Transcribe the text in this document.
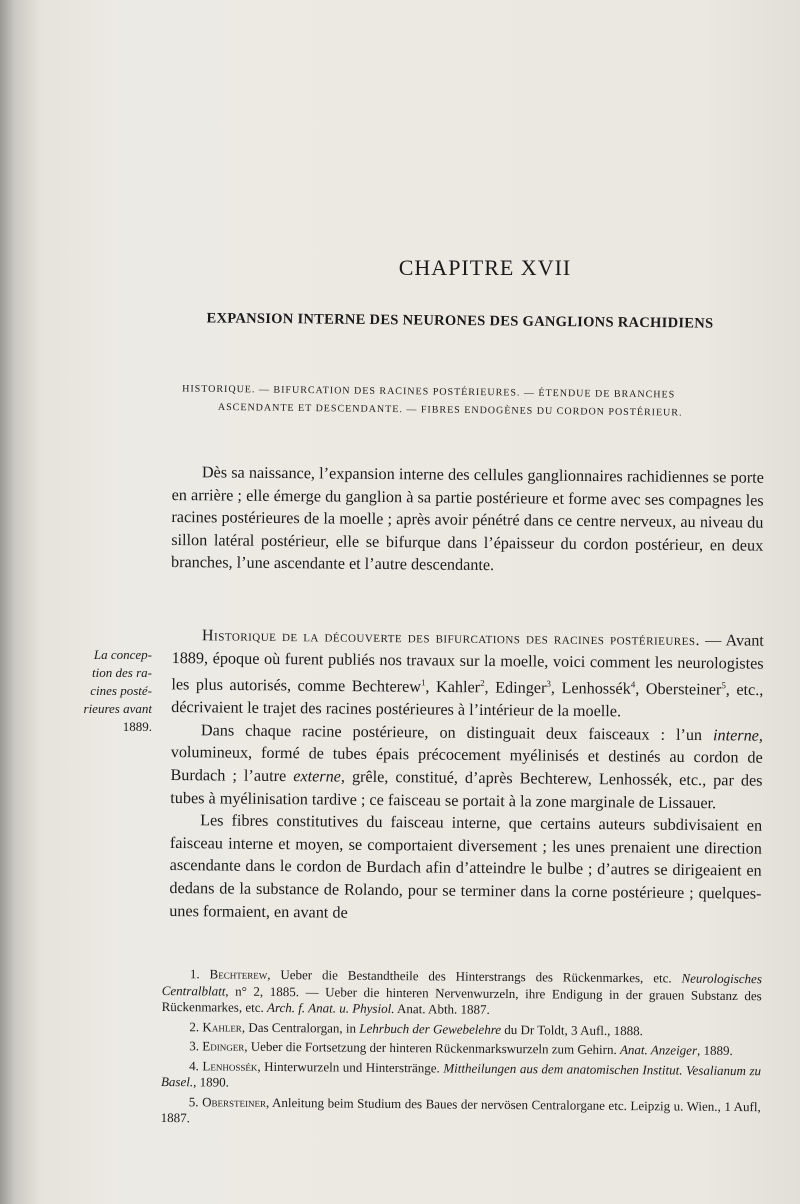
CHAPITRE XVII
EXPANSION INTERNE DES NEURONES DES GANGLIONS RACHIDIENS
HISTORIQUE. — BIFURCATION DES RACINES POSTÉRIEURES. — ÉTENDUE DE BRANCHES
ASCENDANTE ET DESCENDANTE. — FIBRES ENDOGÈNES DU CORDON POSTÉRIEUR.

Dès sa naissance, l’expansion interne des cellules ganglionnaires rachidiennes se porte en arrière ; elle émerge du ganglion à sa partie postérieure et forme avec ses compagnes les racines postérieures de la moelle ; après avoir pénétré dans ce centre nerveux, au niveau du sillon latéral postérieur, elle se bifurque dans l’épaisseur du cordon postérieur, en deux branches, l’une ascendante et l’autre descendante.

La concep-
tion des ra-
cines posté-
rieures avant
1889.

Historique de la découverte des bifurcations des racines postérieures. — Avant 1889, époque où furent publiés nos travaux sur la moelle, voici comment les neurologistes les plus autorisés, comme Bechterew$^1$, Kahler$^2$, Edinger$^3$, Lenhossék$^4$, Obersteiner$^5$, etc., décrivaient le trajet des racines postérieures à l’intérieur de la moelle.

Dans chaque racine postérieure, on distinguait deux faisceaux : l’un interne, volumineux, formé de tubes épais précocement myélinisés et destinés au cordon de Burdach ; l’autre externe, grêle, constitué, d’après Bechterew, Lenhossék, etc., par des tubes à myélinisation tardive ; ce faisceau se portait à la zone marginale de Lissauer.

Les fibres constitutives du faisceau interne, que certains auteurs subdivisaient en faisceau interne et moyen, se comportaient diversement ; les unes prenaient une direction ascendante dans le cordon de Burdach afin d’atteindre le bulbe ; d’autres se dirigeaient en dedans de la substance de Rolando, pour se terminer dans la corne postérieure ; quelques-unes formaient, en avant de

1. Bechterew, Ueber die Bestandtheile des Hinterstrangs des Rückenmarkes, etc. Neurologisches Centralblatt, n° 2, 1885. — Ueber die hinteren Nervenwurzeln, ihre Endigung in der grauen Substanz des Rückenmarkes, etc. Arch. f. Anat. u. Physiol. Anat. Abth. 1887.

2. Kahler, Das Centralorgan, in Lehrbuch der Gewebelehre du Dr Toldt, 3 Aufl., 1888.

3. Edinger, Ueber die Fortsetzung der hinteren Rückenmarkswurzeln zum Gehirn. Anat. Anzeiger, 1889.

4. Lenhossék, Hinterwurzeln und Hinterstränge. Mittheilungen aus dem anatomischen Institut. Vesalianum zu Basel., 1890.

5. Obersteiner, Anleitung beim Studium des Baues der nervösen Centralorgane etc. Leipzig u. Wien., 1 Aufl, 1887.
